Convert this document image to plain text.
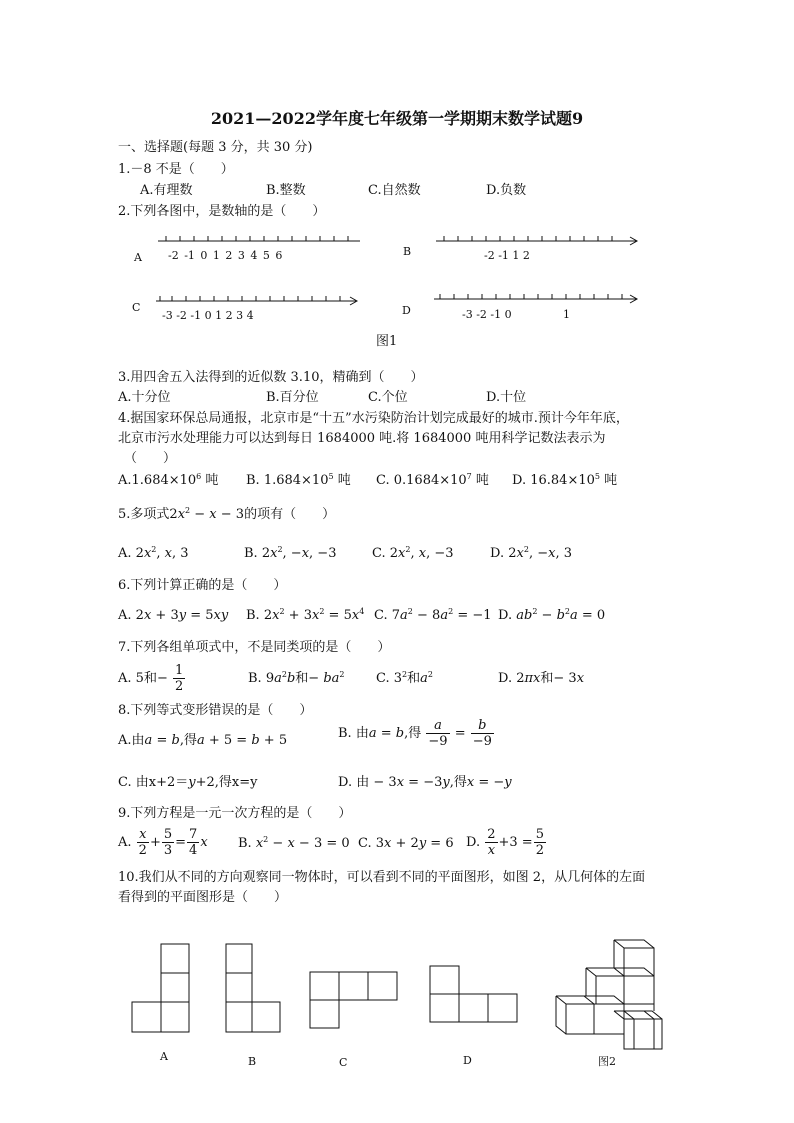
2021—2022学年度七年级第一学期期末数学试题9
一、选择题(每题 3 分，共 30 分)
1.－8 不是（　　）
A.有理数	B.整数	C.自然数	D.负数
2.下列各图中，是数轴的是（　　）
A -2 -1 0 1 2 3 4 5 6	B	-2 -1 1 2
C
-3 -2 -1 0 1 2 3 4	D	-3 -2 -1 0	1
图1
3.用四舍五入法得到的近似数 3.10，精确到（　　）
A.十分位	B.百分位	C.个位	D.十位
4.据国家环保总局通报，北京市是“十五”水污染防治计划完成最好的城市.预计今年年底，
北京市污水处理能力可以达到每日 1684000 吨.将 1684000 吨用科学记数法表示为
（　　）
$A.1.684\times 10^6$ 吨 B. $1.684\times 10^5$ 吨 C. $0.1684\times 10^7$ 吨 D. $16.84\times 10^5$ 吨
5.多项式$2x^2 - x - 3$的项有（　　）
A. $2x^2$, x, 3	B. $2x^2$, −x, −3	C. $2x^2$, x, −3	D. $2x^2$, −x, 3
6.下列计算正确的是（　　）
A. 2x + 3y = 5xy B. $2x^2 + 3x^2 = 5x^4$ C. $7a^2 - 8a^2 = -1$ D. $ab^2 - b^2a = 0$
7.下列各组单项式中，不是同类项的是（　　）
A. 5和− $\frac{1}{2}$	B. $9a^2b$和− $ba^2$ C. $3^2$和$a^2$	D. 2πx和− 3x
8.下列等式变形错误的是（　　）
A.由a = b,得a + 5 = b + 5	B. 由a = b,得 $\frac{a}{-9} = \frac{b}{-9}$
C. 由x+2＝y+2,得x=y	D. 由 − 3x = −3y,得x = −y
9.下列方程是一元一次方程的是（　　）
A. $\frac{x}{2} + \frac{5}{3} = \frac{7}{4}$ x B. $x^2 - x - 3 = 0$ C. 3x + 2y = 6 D. $\frac{2}{x} +3 = \frac{5}{2}$
10.我们从不同的方向观察同一物体时，可以看到不同的平面图形，如图 2，从几何体的左面
看得到的平面图形是（　　）
A	B	C	D	图2
